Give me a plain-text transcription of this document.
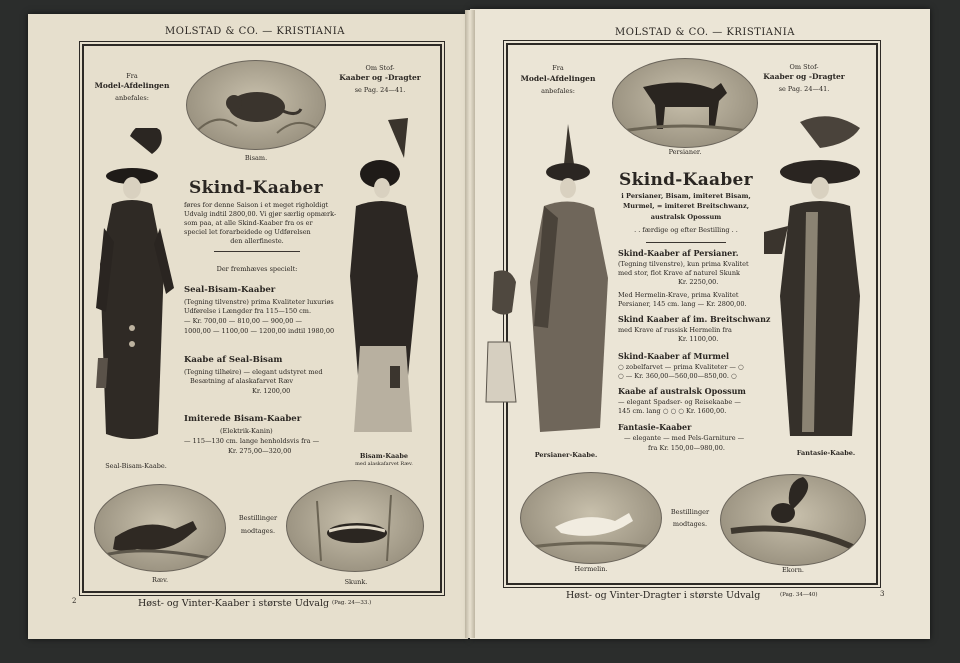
MOLSTAD & CO. — KRISTIANIA
Fra
Model-Afdelingen
anbefales:
Bisam.
Om Stof-
Kaaber og -Dragter
se Pag. 24—41.
Seal-Bisam-Kaabe.
Bisam-Kaabe
med alaskafarvet Ræv.
Skind-Kaaber
føres for denne Saison i et meget righoldigt
Udvalg indtil 2800,00. Vi gjør særlig opmærk-
som paa, at alle Skind-Kaaber fra os er
speciel let forarbeidede og Udførelsen
den allerfineste.
Der fremhæves specielt:
Seal-Bisam-Kaaber
(Tegning tilvenstre) prima Kvaliteter luxuriøs
Udførelse i Længder fra 115—150 cm.
— Kr. 700,00 — 810,00 — 900,00 —
1000,00 — 1100,00 — 1200,00 indtil 1980,00
Kaabe af Seal-Bisam
(Tegning tilhøire) — elegant udstyret med
Besætning af alaskafarvet Ræv
Kr. 1200,00
Imiterede Bisam-Kaaber
(Elektrik-Kanin)
— 115—130 cm. lange henholdsvis fra —
Kr. 275,00—320,00
Ræv.
Bestillinger
modtages.
Skunk.
2	Høst- og Vinter-Kaaber i største Udvalg (Pag. 24—33.)
MOLSTAD & CO. — KRISTIANIA
Fra
Model-Afdelingen
anbefales:
Persianer.
Om Stof-
Kaaber og -Dragter
se Pag. 24—41.
Persianer-Kaabe.	Fantasie-Kaabe.
Skind-Kaaber
i Persianer, Bisam, imiteret Bisam,
Murmel, = imiteret Breitschwanz,
australsk Opossum
. . færdige og efter Bestilling . .
Skind-Kaaber af Persianer.
(Tegning tilvenstre), kun prima Kvalitet
med stor, flot Krave af naturel Skunk
Kr. 2250,00.
Med Hermelin-Krave, prima Kvalitet
Persianer, 145 cm. lang — Kr. 2800,00.
Skind Kaaber af im. Breitschwanz
med Krave af russisk Hermelin fra
Kr. 1100,00.
Skind-Kaaber af Murmel
○ zobelfarvet — prima Kvaliteter — ○
○ — Kr. 360,00—560,00—850,00. ○
Kaabe af australsk Opossum
— elegant Spadser- og Reisekaabe —
145 cm. lang ○ ○ ○ Kr. 1600,00.
Fantasie-Kaaber
— elegante — med Pels-Garniture —
fra Kr. 150,00—980,00.
Hermelin.
Bestillinger
modtages.
Ekorn.
Høst- og Vinter-Dragter i største Udvalg	(Pag. 34—40)	3
